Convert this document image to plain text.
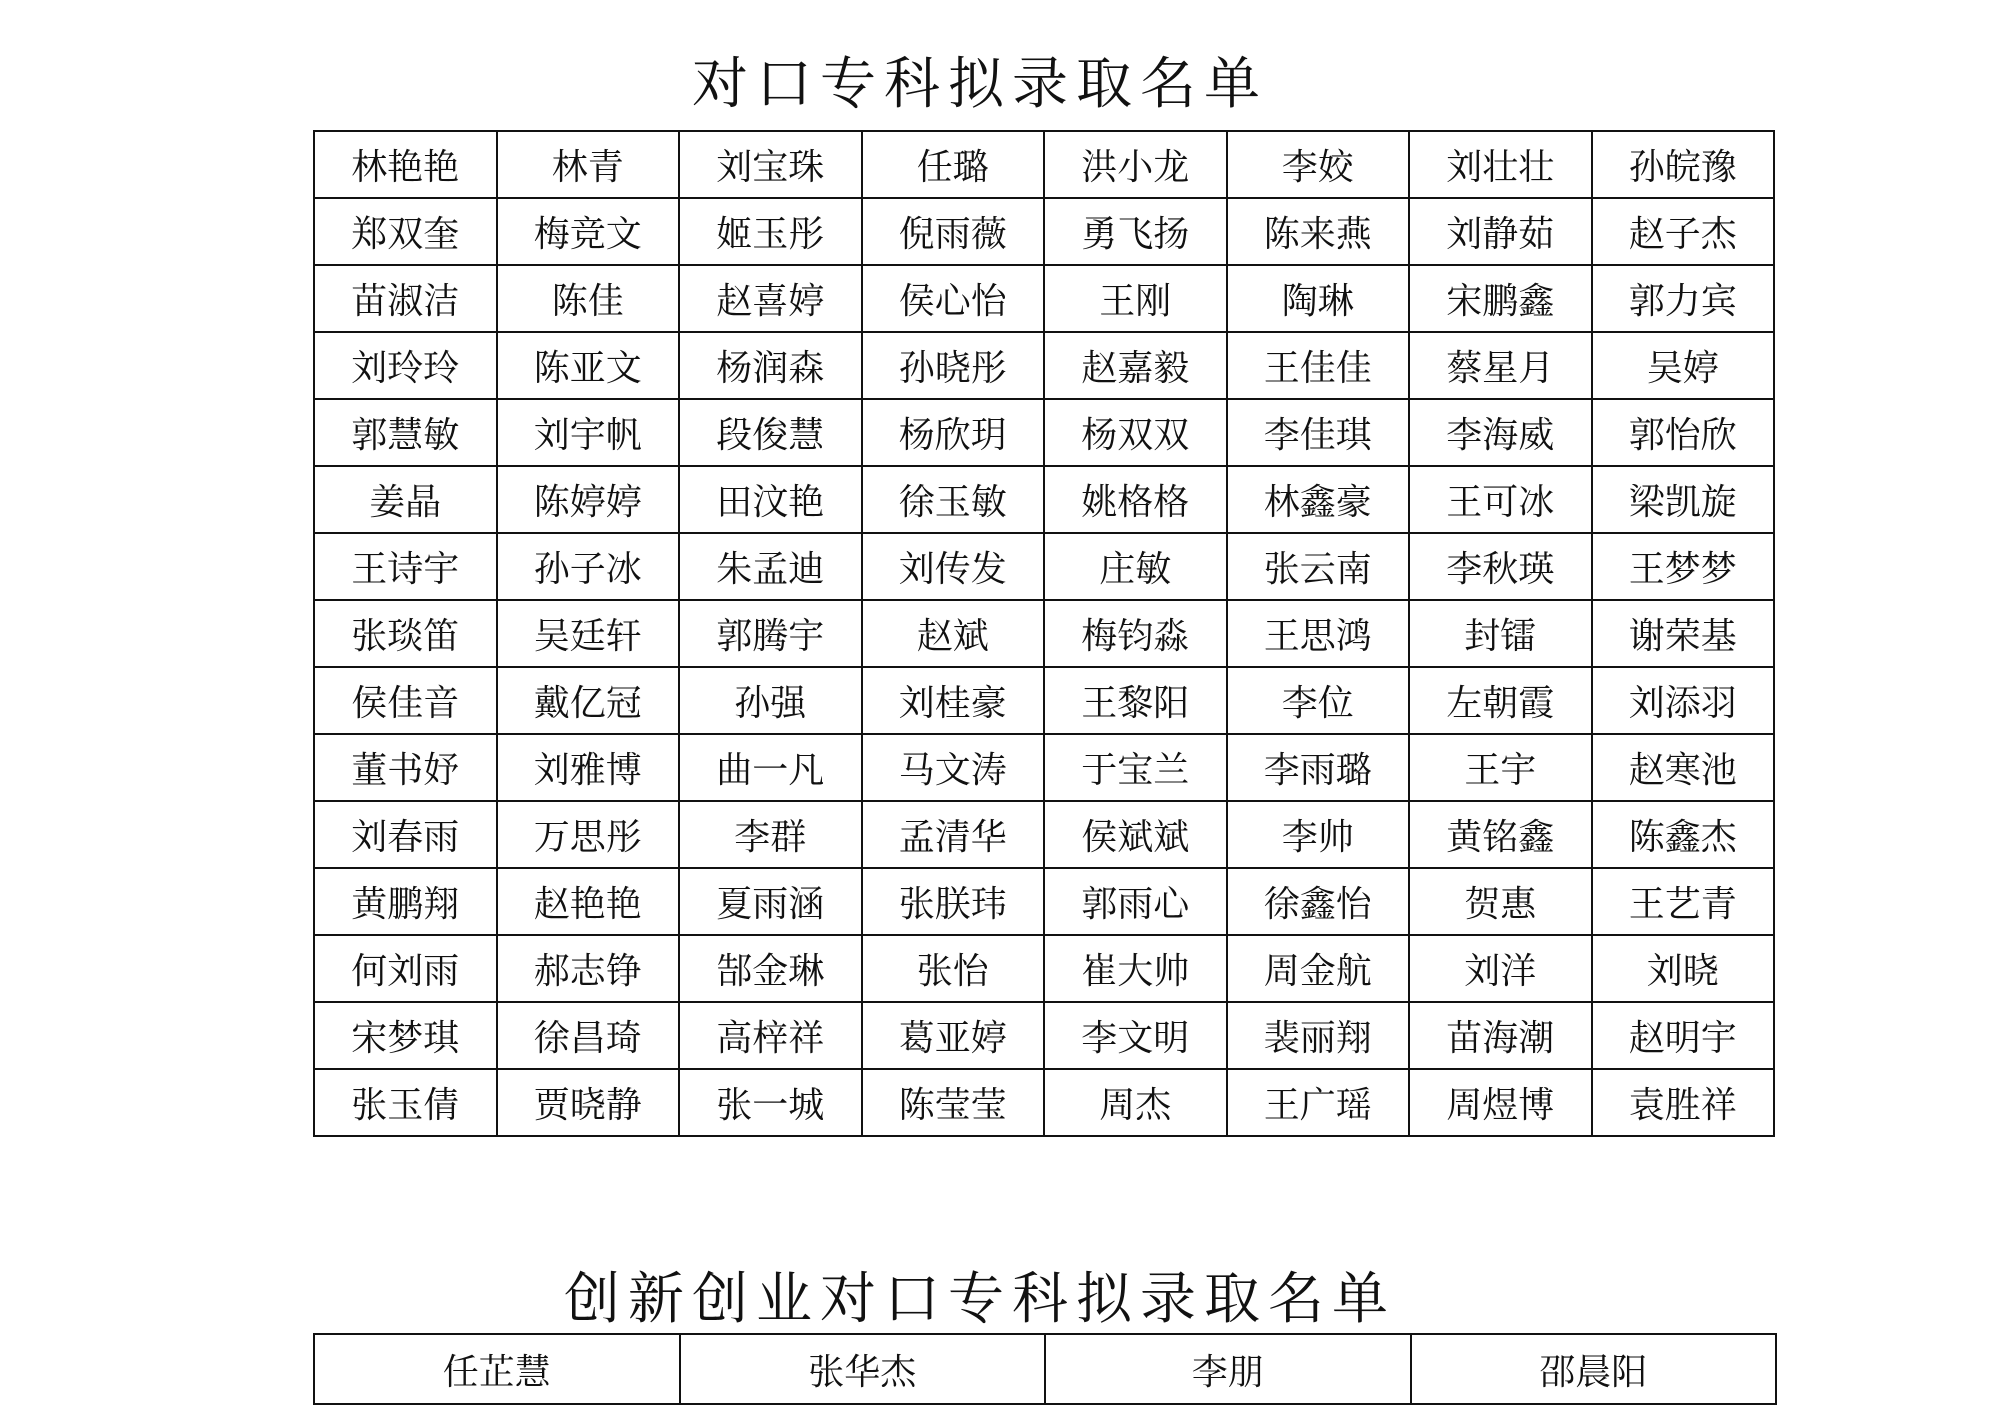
对口专科拟录取名单
林艳艳	林青	刘宝珠	任璐	洪小龙	李姣	刘壮壮	孙皖豫
郑双奎	梅竞文	姬玉彤	倪雨薇	勇飞扬	陈来燕	刘静茹	赵子杰
苗淑洁	陈佳	赵喜婷	侯心怡	王刚	陶琳	宋鹏鑫	郭力宾
刘玲玲	陈亚文	杨润森	孙晓彤	赵嘉毅	王佳佳	蔡星月	吴婷
郭慧敏	刘宇帆	段俊慧	杨欣玥	杨双双	李佳琪	李海威	郭怡欣
姜晶	陈婷婷	田汶艳	徐玉敏	姚格格	林鑫豪	王可冰	梁凯旋
王诗宇	孙子冰	朱孟迪	刘传发	庄敏	张云南	李秋瑛	王梦梦
张琰笛	吴廷轩	郭腾宇	赵斌	梅钧淼	王思鸿	封镭	谢荣基
侯佳音	戴亿冠	孙强	刘桂豪	王黎阳	李位	左朝霞	刘添羽
董书妤	刘雅博	曲一凡	马文涛	于宝兰	李雨璐	王宇	赵寒池
刘春雨	万思彤	李群	孟清华	侯斌斌	李帅	黄铭鑫	陈鑫杰
黄鹏翔	赵艳艳	夏雨涵	张朕玮	郭雨心	徐鑫怡	贺惠	王艺青
何刘雨	郝志铮	郜金琳	张怡	崔大帅	周金航	刘洋	刘晓
宋梦琪	徐昌琦	高梓祥	葛亚婷	李文明	裴丽翔	苗海潮	赵明宇
张玉倩	贾晓静	张一城	陈莹莹	周杰	王广瑶	周煜博	袁胜祥
创新创业对口专科拟录取名单
任芷慧	张华杰	李朋	邵晨阳
